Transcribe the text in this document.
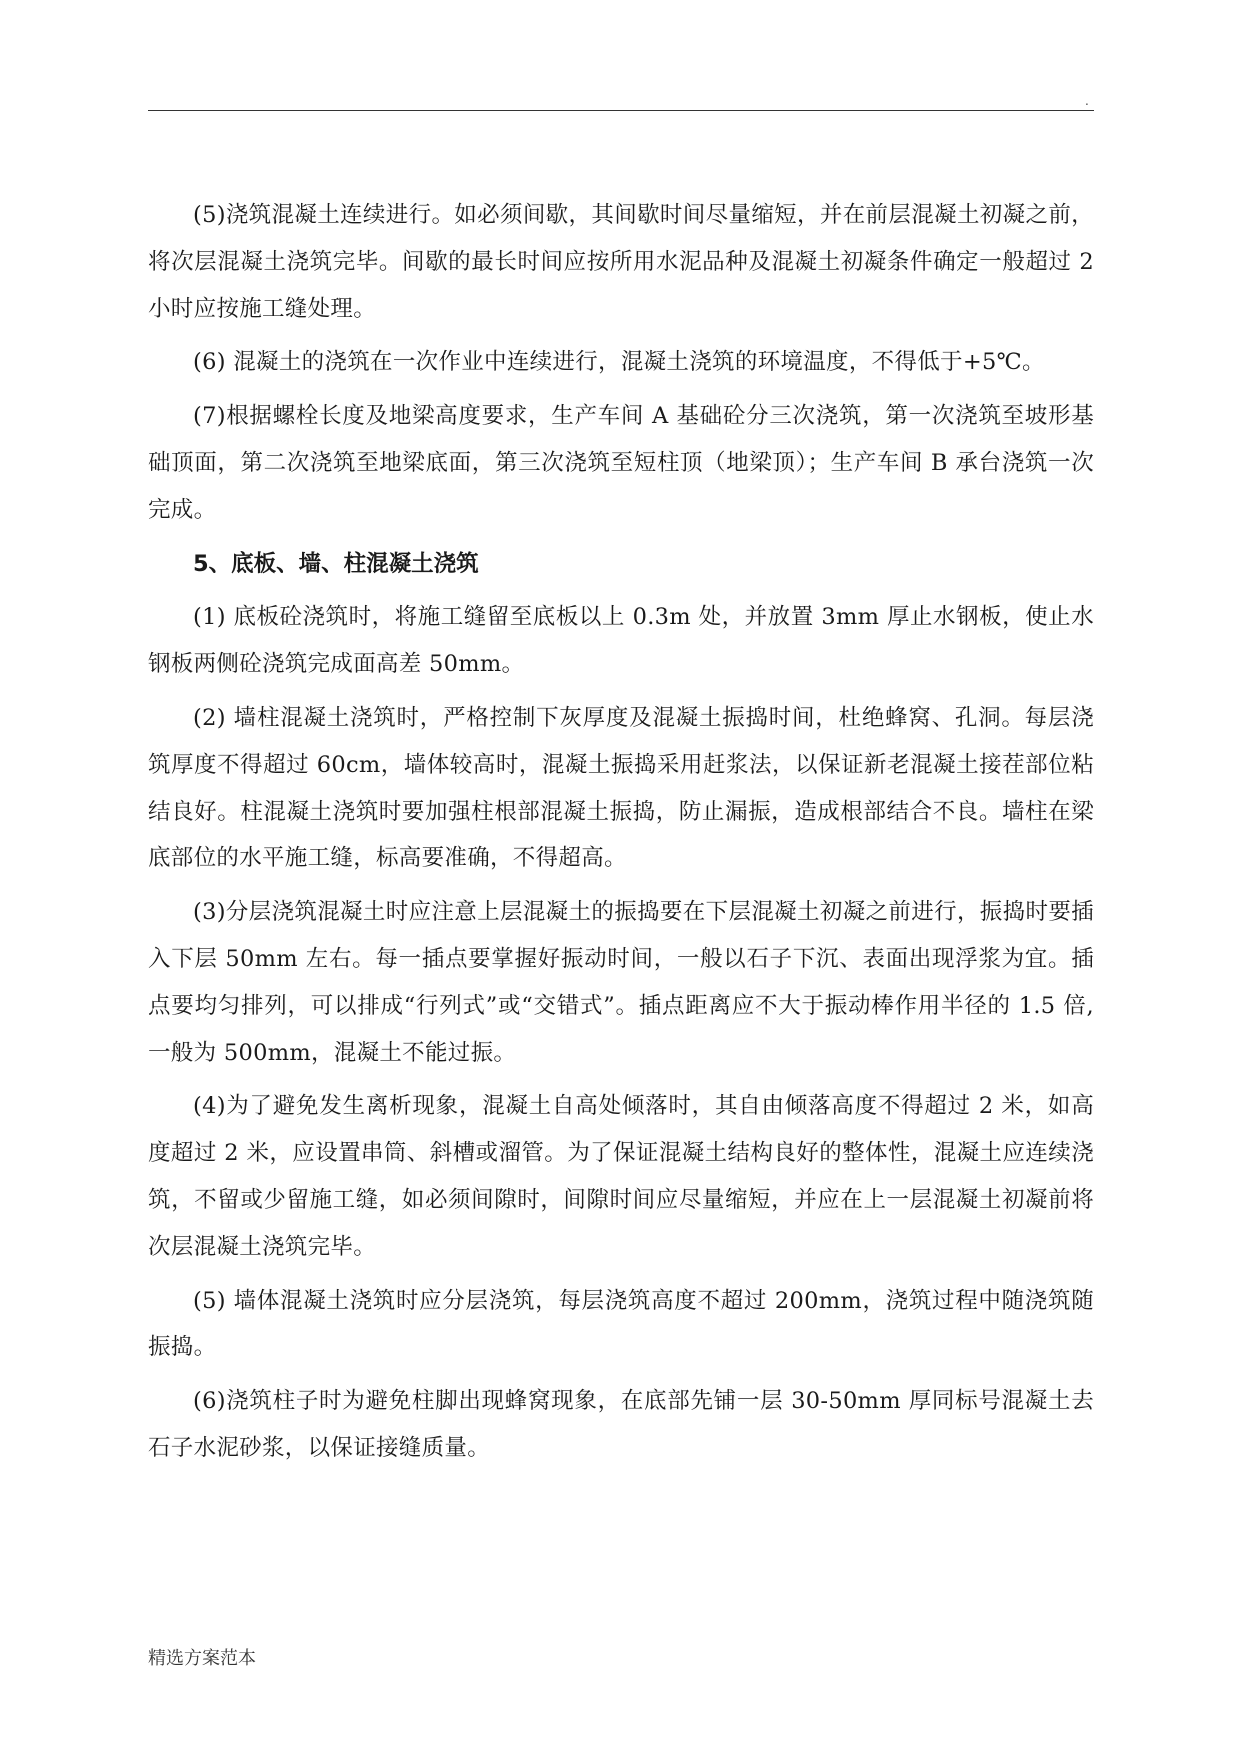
.

(5)浇筑混凝土连续进行。如必须间歇，其间歇时间尽量缩短，并在前层混凝土初凝之前，将次层混凝土浇筑完毕。间歇的最长时间应按所用水泥品种及混凝土初凝条件确定一般超过 2 小时应按施工缝处理。

(6) 混凝土的浇筑在一次作业中连续进行，混凝土浇筑的环境温度，不得低于+5℃。

(7)根据螺栓长度及地梁高度要求，生产车间 A 基础砼分三次浇筑，第一次浇筑至坡形基础顶面，第二次浇筑至地梁底面，第三次浇筑至短柱顶（地梁顶）；生产车间 B 承台浇筑一次完成。

5、底板、墙、柱混凝土浇筑

(1) 底板砼浇筑时，将施工缝留至底板以上 0.3m 处，并放置 3mm 厚止水钢板，使止水钢板两侧砼浇筑完成面高差 50mm。

(2) 墙柱混凝土浇筑时，严格控制下灰厚度及混凝土振捣时间，杜绝蜂窝、孔洞。每层浇筑厚度不得超过 60cm，墙体较高时，混凝土振捣采用赶浆法，以保证新老混凝土接茬部位粘结良好。柱混凝土浇筑时要加强柱根部混凝土振捣，防止漏振，造成根部结合不良。墙柱在梁底部位的水平施工缝，标高要准确，不得超高。

(3)分层浇筑混凝土时应注意上层混凝土的振捣要在下层混凝土初凝之前进行，振捣时要插入下层 50mm 左右。每一插点要掌握好振动时间，一般以石子下沉、表面出现浮浆为宜。插点要均匀排列，可以排成“行列式”或“交错式”。插点距离应不大于振动棒作用半径的 1.5 倍,一般为 500mm，混凝土不能过振。

(4)为了避免发生离析现象，混凝土自高处倾落时，其自由倾落高度不得超过 2 米，如高度超过 2 米，应设置串筒、斜槽或溜管。为了保证混凝土结构良好的整体性，混凝土应连续浇筑，不留或少留施工缝，如必须间隙时，间隙时间应尽量缩短，并应在上一层混凝土初凝前将次层混凝土浇筑完毕。

(5) 墙体混凝土浇筑时应分层浇筑，每层浇筑高度不超过 200mm，浇筑过程中随浇筑随振捣。

(6)浇筑柱子时为避免柱脚出现蜂窝现象，在底部先铺一层 30-50mm 厚同标号混凝土去石子水泥砂浆，以保证接缝质量。

精选方案范本
